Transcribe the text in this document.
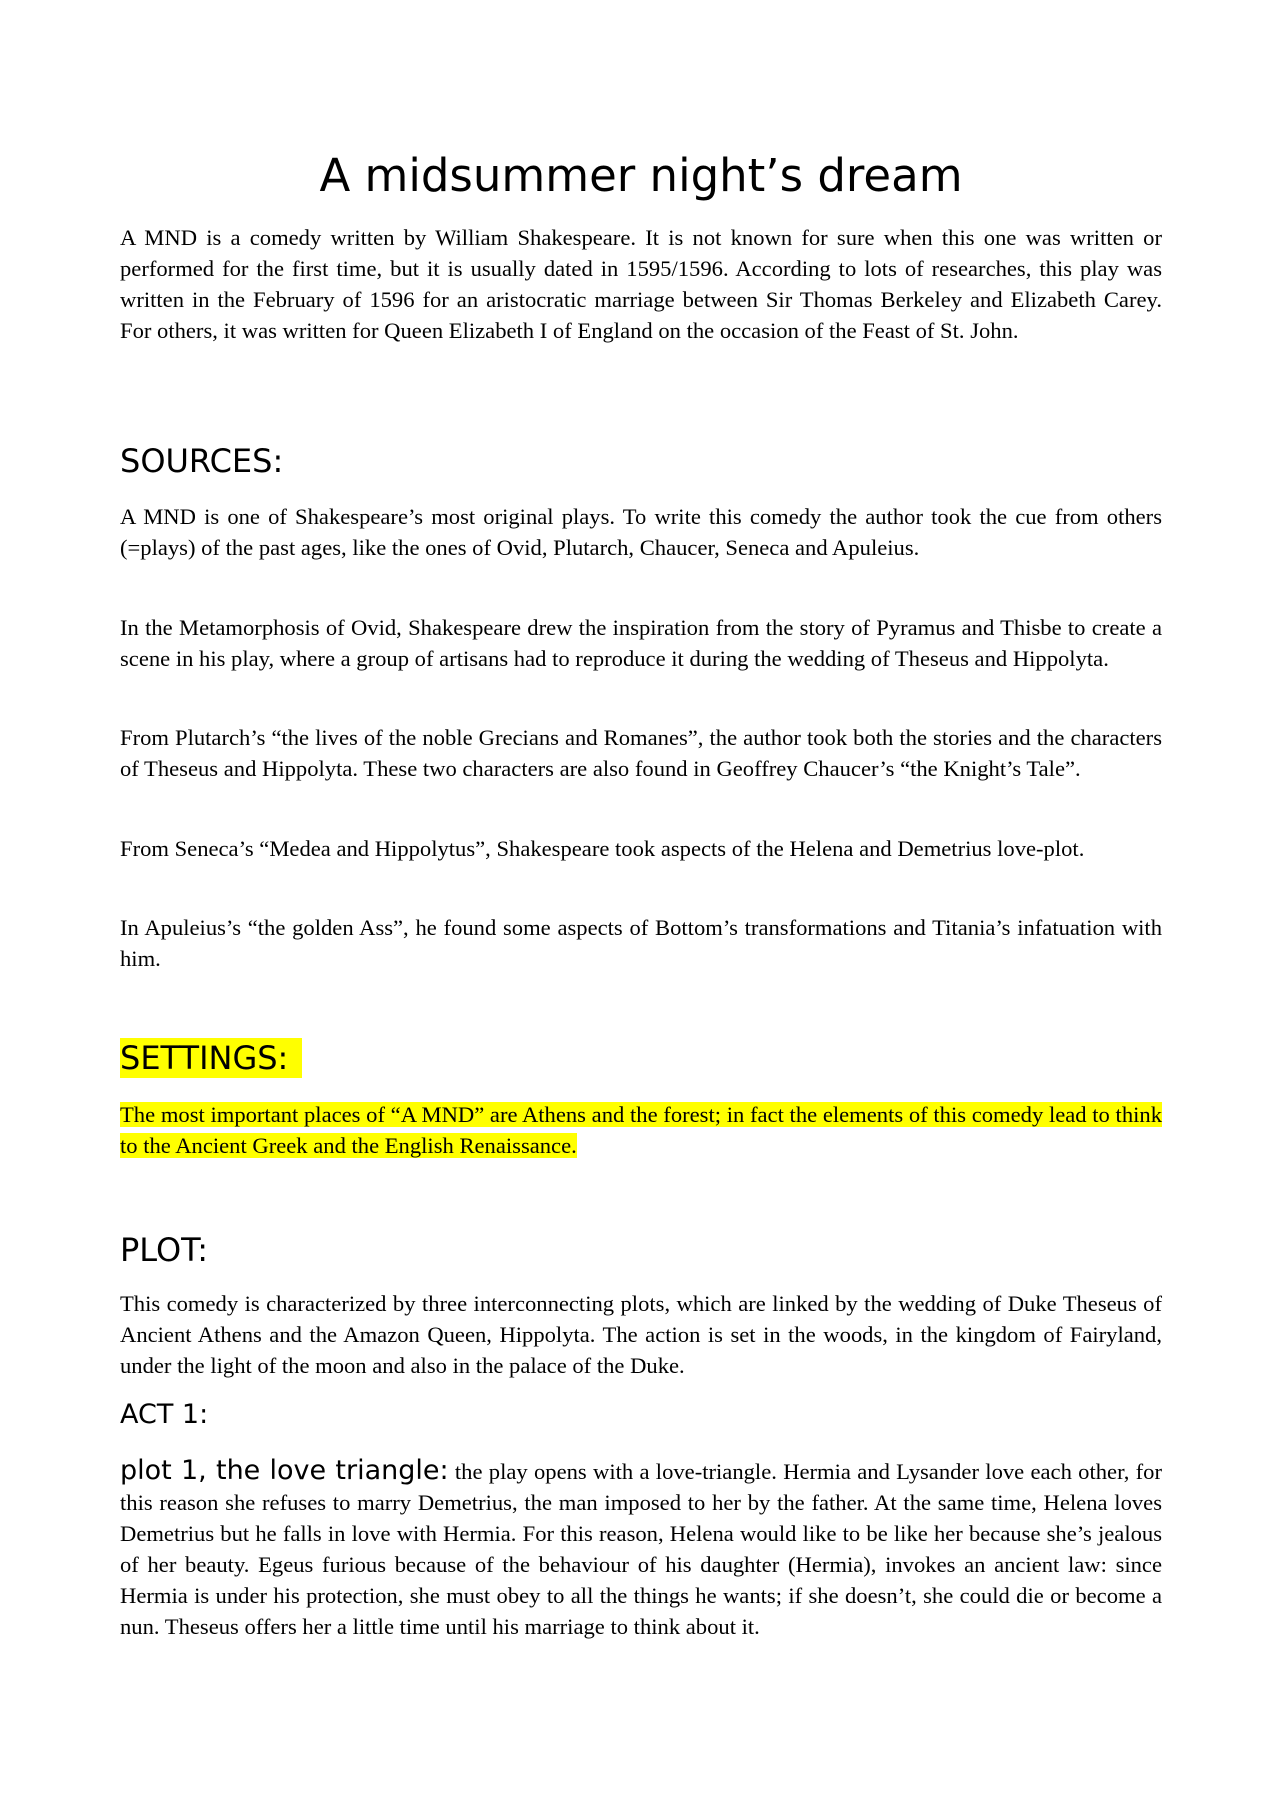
A midsummer night’s dream

A MND is a comedy written by William Shakespeare. It is not known for sure when this one was written or performed for the first time, but it is usually dated in 1595/1596. According to lots of researches, this play was written in the February of 1596 for an aristocratic marriage between Sir Thomas Berkeley and Elizabeth Carey. For others, it was written for Queen Elizabeth I of England on the occasion of the Feast of St. John.

SOURCES:

A MND is one of Shakespeare’s most original plays. To write this comedy the author took the cue from others (=plays) of the past ages, like the ones of Ovid, Plutarch, Chaucer, Seneca and Apuleius.

In the Metamorphosis of Ovid, Shakespeare drew the inspiration from the story of Pyramus and Thisbe to create a scene in his play, where a group of artisans had to reproduce it during the wedding of Theseus and Hippolyta.

From Plutarch’s “the lives of the noble Grecians and Romanes”, the author took both the stories and the characters of Theseus and Hippolyta. These two characters are also found in Geoffrey Chaucer’s “the Knight’s Tale”.

From Seneca’s “Medea and Hippolytus”, Shakespeare took aspects of the Helena and Demetrius love-plot.

In Apuleius’s “the golden Ass”, he found some aspects of Bottom’s transformations and Titania’s infatuation with him.

SETTINGS:

The most important places of “A MND” are Athens and the forest; in fact the elements of this comedy lead to think to the Ancient Greek and the English Renaissance.

PLOT:

This comedy is characterized by three interconnecting plots, which are linked by the wedding of Duke Theseus of Ancient Athens and the Amazon Queen, Hippolyta. The action is set in the woods, in the kingdom of Fairyland, under the light of the moon and also in the palace of the Duke.

ACT 1:

plot 1, the love triangle: the play opens with a love-triangle. Hermia and Lysander love each other, for this reason she refuses to marry Demetrius, the man imposed to her by the father. At the same time, Helena loves Demetrius but he falls in love with Hermia. For this reason, Helena would like to be like her because she’s jealous of her beauty. Egeus furious because of the behaviour of his daughter (Hermia), invokes an ancient law: since Hermia is under his protection, she must obey to all the things he wants; if she doesn’t, she could die or become a nun. Theseus offers her a little time until his marriage to think about it.
